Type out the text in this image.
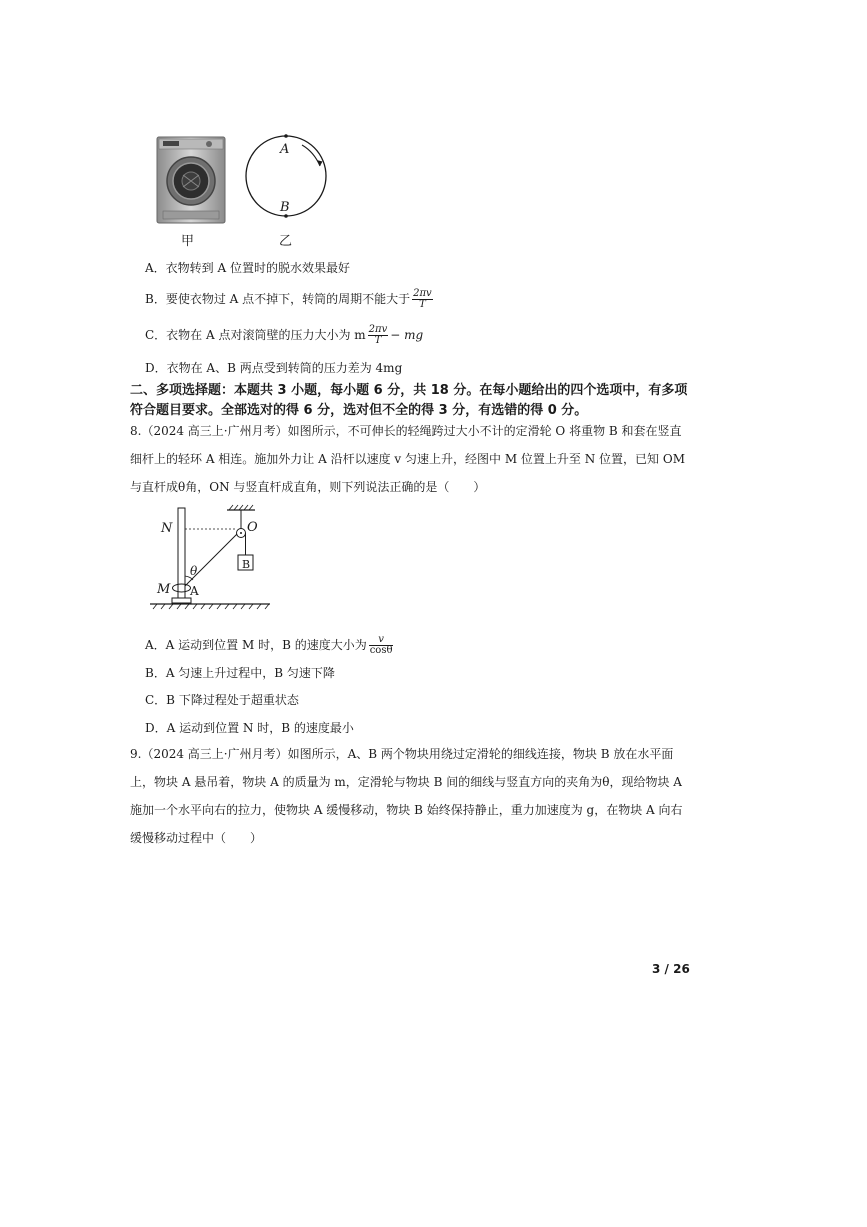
甲
A
B
乙
A．衣物转到 A 位置时的脱水效果最好
B．要使衣物过 A 点不掉下，转筒的周期不能大于 $\frac{2\pi v}{T}$
C．衣物在 A 点对滚筒壁的压力大小为 m $\frac{2\pi v}{T}$ − mg
D．衣物在 A、B 两点受到转筒的压力差为 4mg
二、多项选择题：本题共 3 小题，每小题 6 分，共 18 分。在每小题给出的四个选项中，有多项符合题目要求。全部选对的得 6 分，选对但不全的得 3 分，有选错的得 0 分。
8.（2024 高三上·广州月考）如图所示，不可伸长的轻绳跨过大小不计的定滑轮 O 将重物 B 和套在竖直细杆上的轻环 A 相连。施加外力让 A 沿杆以速度 v 匀速上升，经图中 M 位置上升至 N 位置，已知 OM 与直杆成θ角，ON 与竖直杆成直角，则下列说法正确的是（　　）
N	O
B
θ
M A
A．A 运动到位置 M 时，B 的速度大小为 $\frac{v}{\cos\theta}$
B．A 匀速上升过程中，B 匀速下降
C．B 下降过程处于超重状态
D．A 运动到位置 N 时，B 的速度最小
9.（2024 高三上·广州月考）如图所示，A、B 两个物块用绕过定滑轮的细线连接，物块 B 放在水平面上，物块 A 悬吊着，物块 A 的质量为 m，定滑轮与物块 B 间的细线与竖直方向的夹角为θ，现给物块 A 施加一个水平向右的拉力，使物块 A 缓慢移动，物块 B 始终保持静止，重力加速度为 g，在物块 A 向右缓慢移动过程中（　　）
3 / 26
